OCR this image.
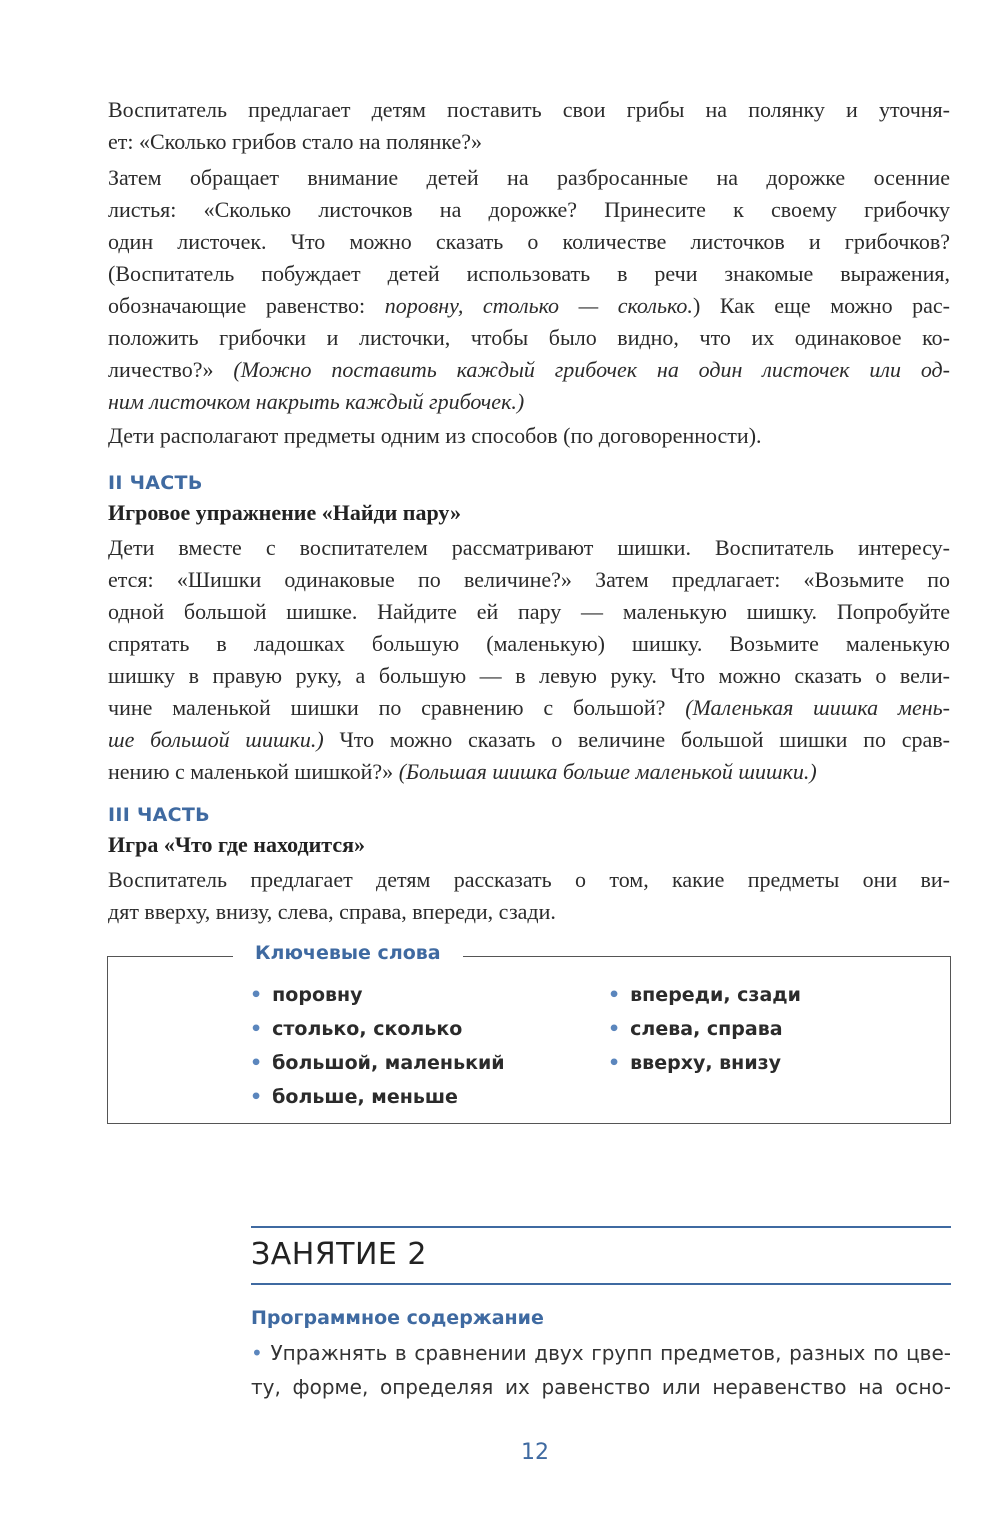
Воспитатель предлагает детям поставить свои грибы на полянку и уточня-
ет: «Сколько грибов стало на полянке?»

Затем обращает внимание детей на разбросанные на дорожке осенние
листья: «Сколько листочков на дорожке? Принесите к своему грибочку
один листочек. Что можно сказать о количестве листочков и грибочков?
(Воспитатель побуждает детей использовать в речи знакомые выражения,
обозначающие равенство: поровну, столько — сколько.) Как еще можно рас-
положить грибочки и листочки, чтобы было видно, что их одинаковое ко-
личество?» (Можно поставить каждый грибочек на один листочек или од-
ним листочком накрыть каждый грибочек.)

Дети располагают предметы одним из способов (по договоренности).

II ЧАСТЬ
Игровое упражнение «Найди пару»

Дети вместе с воспитателем рассматривают шишки. Воспитатель интересу-
ется: «Шишки одинаковые по величине?» Затем предлагает: «Возьмите по
одной большой шишке. Найдите ей пару — маленькую шишку. Попробуйте
спрятать в ладошках большую (маленькую) шишку. Возьмите маленькую
шишку в правую руку, а большую — в левую руку. Что можно сказать о вели-
чине маленькой шишки по сравнению с большой? (Маленькая шишка мень-
ше большой шишки.) Что можно сказать о величине большой шишки по срав-
нению с маленькой шишкой?» (Большая шишка больше маленькой шишки.)

III ЧАСТЬ
Игра «Что где находится»

Воспитатель предлагает детям рассказать о том, какие предметы они ви-
дят вверху, внизу, слева, справа, впереди, сзади.

Ключевые слова
• поровну
• столько, сколько
• большой, маленький
• больше, меньше
• впереди, сзади
• слева, справа
• вверху, внизу
ЗАНЯТИЕ 2
Программное содержание

• Упражнять в сравнении двух групп предметов, разных по цве-
ту, форме, определяя их равенство или неравенство на осно-

12
